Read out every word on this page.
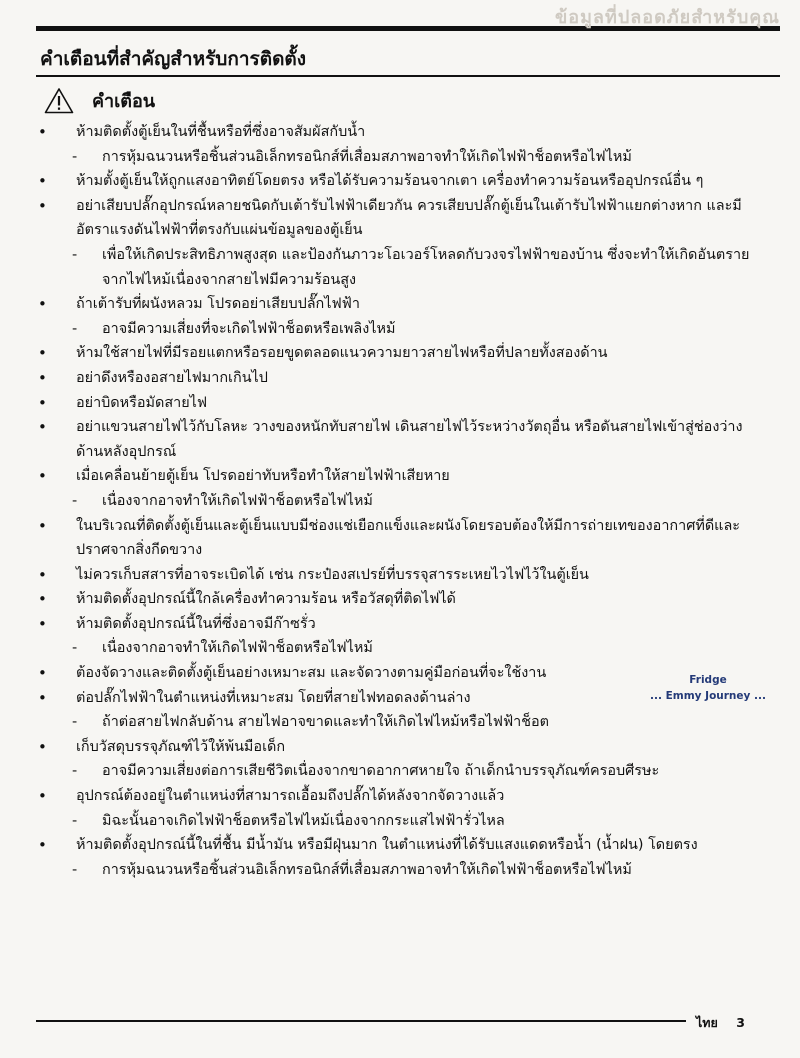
ข้อมูลที่ปลอดภัยสำหรับคุณ
คำเตือนที่สำคัญสำหรับการติดตั้ง
คำเตือน
• ห้ามติดตั้งตู้เย็นในที่ชื้นหรือที่ซึ่งอาจสัมผัสกับน้ำ
- การหุ้มฉนวนหรือชิ้นส่วนอิเล็กทรอนิกส์ที่เสื่อมสภาพอาจทำให้เกิดไฟฟ้าช็อตหรือไฟไหม้
• ห้ามตั้งตู้เย็นให้ถูกแสงอาทิตย์โดยตรง หรือได้รับความร้อนจากเตา เครื่องทำความร้อนหรืออุปกรณ์อื่น ๆ
• อย่าเสียบปลั๊กอุปกรณ์หลายชนิดกับเต้ารับไฟฟ้าเดียวกัน ควรเสียบปลั๊กตู้เย็นในเต้ารับไฟฟ้าแยกต่างหาก และมีอัตราแรงดันไฟฟ้าที่ตรงกับแผ่นข้อมูลของตู้เย็น
- เพื่อให้เกิดประสิทธิภาพสูงสุด และป้องกันภาวะโอเวอร์โหลดกับวงจรไฟฟ้าของบ้าน ซึ่งจะทำให้เกิดอันตรายจากไฟไหม้เนื่องจากสายไฟมีความร้อนสูง
• ถ้าเต้ารับที่ผนังหลวม โปรดอย่าเสียบปลั๊กไฟฟ้า
- อาจมีความเสี่ยงที่จะเกิดไฟฟ้าช็อตหรือเพลิงไหม้
• ห้ามใช้สายไฟที่มีรอยแตกหรือรอยขูดตลอดแนวความยาวสายไฟหรือที่ปลายทั้งสองด้าน
• อย่าดึงหรืองอสายไฟมากเกินไป
• อย่าบิดหรือมัดสายไฟ
• อย่าแขวนสายไฟไว้กับโลหะ วางของหนักทับสายไฟ เดินสายไฟไว้ระหว่างวัตถุอื่น หรือดันสายไฟเข้าสู่ช่องว่างด้านหลังอุปกรณ์
• เมื่อเคลื่อนย้ายตู้เย็น โปรดอย่าทับหรือทำให้สายไฟฟ้าเสียหาย
- เนื่องจากอาจทำให้เกิดไฟฟ้าช็อตหรือไฟไหม้
• ในบริเวณที่ติดตั้งตู้เย็นและตู้เย็นแบบมีช่องแช่เยือกแข็งและผนังโดยรอบต้องให้มีการถ่ายเทของอากาศที่ดีและปราศจากสิ่งกีดขวาง
• ไม่ควรเก็บสสารที่อาจระเบิดได้ เช่น กระป๋องสเปรย์ที่บรรจุสารระเหยไวไฟไว้ในตู้เย็น
• ห้ามติดตั้งอุปกรณ์นี้ใกล้เครื่องทำความร้อน หรือวัสดุที่ติดไฟได้
• ห้ามติดตั้งอุปกรณ์นี้ในที่ซึ่งอาจมีก๊าซรั่ว
- เนื่องจากอาจทำให้เกิดไฟฟ้าช็อตหรือไฟไหม้
• ต้องจัดวางและติดตั้งตู้เย็นอย่างเหมาะสม และจัดวางตามคู่มือก่อนที่จะใช้งาน
• ต่อปลั๊กไฟฟ้าในตำแหน่งที่เหมาะสม โดยที่สายไฟทอดลงด้านล่าง
- ถ้าต่อสายไฟกลับด้าน สายไฟอาจขาดและทำให้เกิดไฟไหม้หรือไฟฟ้าช็อต
• เก็บวัสดุบรรจุภัณฑ์ไว้ให้พ้นมือเด็ก
- อาจมีความเสี่ยงต่อการเสียชีวิตเนื่องจากขาดอากาศหายใจ ถ้าเด็กนำบรรจุภัณฑ์ครอบศีรษะ
• อุปกรณ์ต้องอยู่ในตำแหน่งที่สามารถเอื้อมถึงปลั๊กได้หลังจากจัดวางแล้ว
- มิฉะนั้นอาจเกิดไฟฟ้าช็อตหรือไฟไหม้เนื่องจากกระแสไฟฟ้ารั่วไหล
• ห้ามติดตั้งอุปกรณ์นี้ในที่ชื้น มีน้ำมัน หรือมีฝุ่นมาก ในตำแหน่งที่ได้รับแสงแดดหรือน้ำ (น้ำฝน) โดยตรง
- การหุ้มฉนวนหรือชิ้นส่วนอิเล็กทรอนิกส์ที่เสื่อมสภาพอาจทำให้เกิดไฟฟ้าช็อตหรือไฟไหม้
Fridge
... Emmy Journey ...
ไทย 3
